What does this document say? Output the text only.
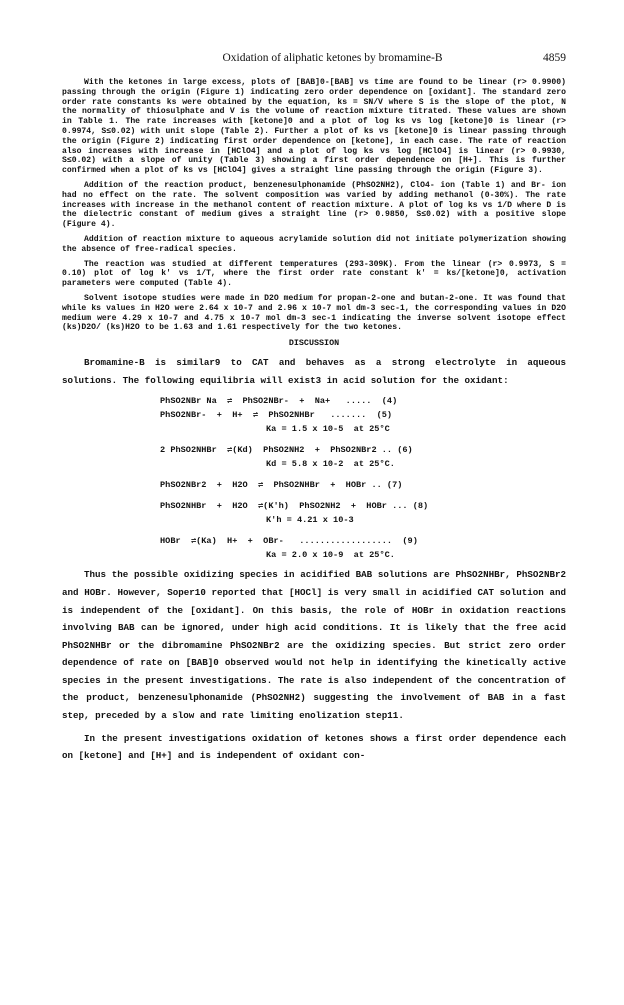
Oxidation of aliphatic ketones by bromamine-B	4859

With the ketones in large excess, plots of [BAB]0-[BAB] vs time are found to be linear (r> 0.9900) passing through the origin (Figure 1) indicating zero order dependence on [oxidant]. The standard zero order rate constants ks were obtained by the equation, ks = SN/V where S is the slope of the plot, N the normality of thiosulphate and V is the volume of reaction mixture titrated. These values are shown in Table 1. The rate increases with [ketone]0 and a plot of log ks vs log [ketone]0 is linear (r> 0.9974, S≤0.02) with unit slope (Table 2). Further a plot of ks vs [ketone]0 is linear passing through the origin (Figure 2) indicating first order dependence on [ketone], in each case. The rate of reaction also increases with increase in [HClO4] and a plot of log ks vs log [HClO4] is linear (r> 0.9930, S≤0.02) with a slope of unity (Table 3) showing a first order dependence on [H+]. This is further confirmed when a plot of ks vs [HClO4] gives a straight line passing through the origin (Figure 3).

Addition of the reaction product, benzenesulphonamide (PhSO2NH2), ClO4- ion (Table 1) and Br- ion had no effect on the rate. The solvent composition was varied by adding methanol (0-30%). The rate increases with increase in the methanol content of reaction mixture. A plot of log ks vs 1/D where D is the dielectric constant of medium gives a straight line (r> 0.9850, S≤0.02) with a positive slope (Figure 4).

Addition of reaction mixture to aqueous acrylamide solution did not initiate polymerization showing the absence of free-radical species.

The reaction was studied at different temperatures (293-309K). From the linear (r> 0.9973, S = 0.10) plot of log k' vs 1/T, where the first order rate constant k' = ks/[ketone]0, activation parameters were computed (Table 4).

Solvent isotope studies were made in D2O medium for propan-2-one and butan-2-one. It was found that while ks values in H2O were 2.64 x 10-7 and 2.96 x 10-7 mol dm-3 sec-1, the corresponding values in D2O medium were 4.29 x 10-7 and 4.75 x 10-7 mol dm-3 sec-1 indicating the inverse solvent isotope effect (ks)D2O/ (ks)H2O to be 1.63 and 1.61 respectively for the two ketones.

DISCUSSION

Bromamine-B is similar9 to CAT and behaves as a strong electrolyte in aqueous solutions. The following equilibria will exist3 in acid solution for the oxidant:

PhSO2NBr Na  ⇌  PhSO2NBr-  +  Na+   .....  (4)
PhSO2NBr-  +  H+  ⇌  PhSO2NHBr   .......  (5)
Ka = 1.5 x 10-5  at 25°C
2 PhSO2NHBr  ⇌(Kd)  PhSO2NH2  +  PhSO2NBr2 .. (6)
Kd = 5.8 x 10-2  at 25°C.
PhSO2NBr2  +  H2O  ⇌  PhSO2NHBr  +  HOBr .. (7)
PhSO2NHBr  +  H2O  ⇌(K'h)  PhSO2NH2  +  HOBr ... (8)
K'h = 4.21 x 10-3
HOBr  ⇌(Ka)  H+  +  OBr-   ..................  (9)
Ka = 2.0 x 10-9  at 25°C.

Thus the possible oxidizing species in acidified BAB solutions are PhSO2NHBr, PhSO2NBr2 and HOBr. However, Soper10 reported that [HOCl] is very small in acidified CAT solution and is independent of the [oxidant]. On this basis, the role of HOBr in oxidation reactions involving BAB can be ignored, under high acid conditions. It is likely that the free acid PhSO2NHBr or the dibromamine PhSO2NBr2 are the oxidizing species. But strict zero order dependence of rate on [BAB]0 observed would not help in identifying the kinetically active species in the present investigations. The rate is also independent of the concentration of the product, benzenesulphonamide (PhSO2NH2) suggesting the involvement of BAB in a fast step, preceded by a slow and rate limiting enolization step11.

In the present investigations oxidation of ketones shows a first order dependence each on [ketone] and [H+] and is independent of oxidant con-
